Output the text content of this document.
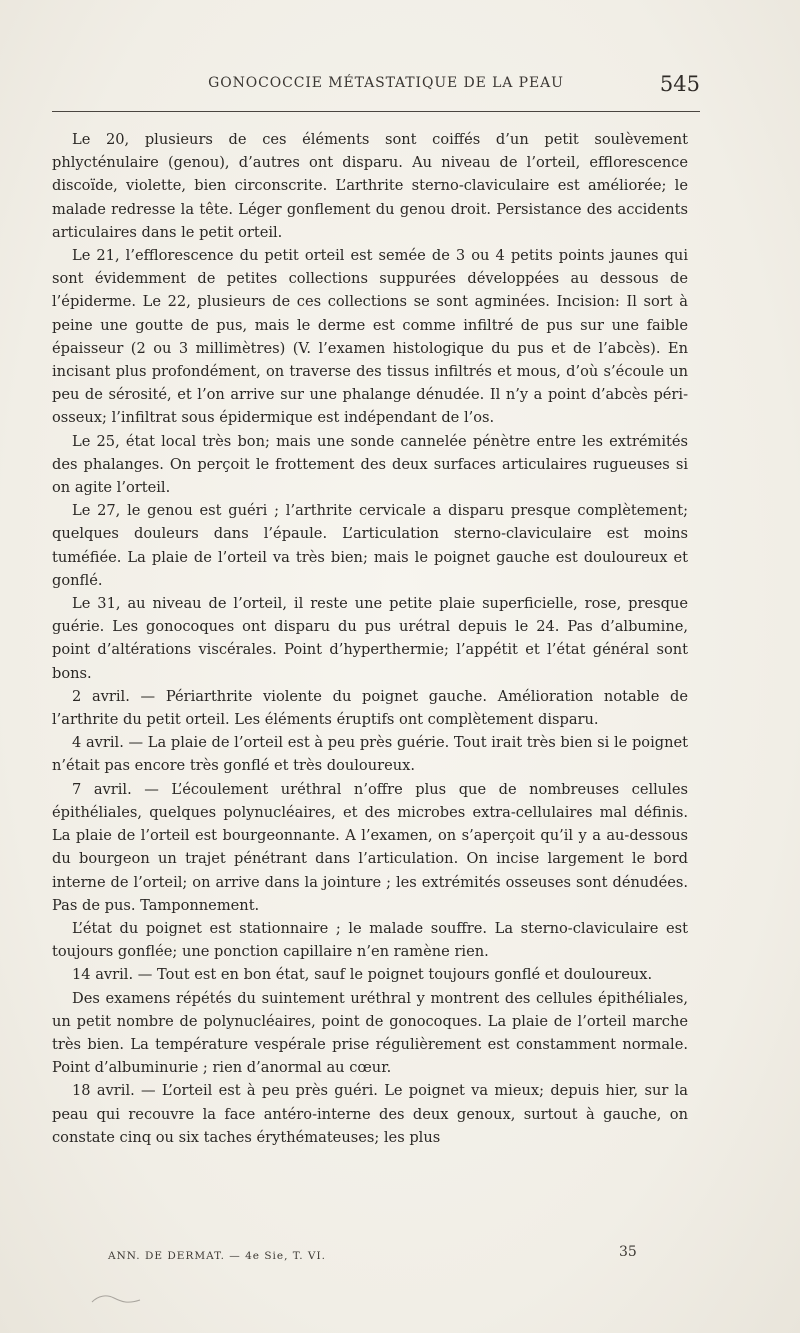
GONOCOCCIE MÉTASTATIQUE DE LA PEAU	545

Le 20, plusieurs de ces éléments sont coiffés d’un petit soulèvement phlycténulaire (genou), d’autres ont disparu. Au niveau de l’orteil, efflorescence discoïde, violette, bien circonscrite. L’arthrite sterno-claviculaire est améliorée; le malade redresse la tête. Léger gonflement du genou droit. Persistance des accidents articulaires dans le petit orteil.

Le 21, l’efflorescence du petit orteil est semée de 3 ou 4 petits points jaunes qui sont évidemment de petites collections suppurées développées au dessous de l’épiderme. Le 22, plusieurs de ces collections se sont agminées. Incision: Il sort à peine une goutte de pus, mais le derme est comme infiltré de pus sur une faible épaisseur (2 ou 3 millimètres) (V. l’examen histologique du pus et de l’abcès). En incisant plus profondément, on traverse des tissus infiltrés et mous, d’où s’écoule un peu de sérosité, et l’on arrive sur une phalange dénudée. Il n’y a point d’abcès péri-osseux; l’infiltrat sous épidermique est indépendant de l’os.

Le 25, état local très bon; mais une sonde cannelée pénètre entre les extrémités des phalanges. On perçoit le frottement des deux surfaces articulaires rugueuses si on agite l’orteil.

Le 27, le genou est guéri ; l’arthrite cervicale a disparu presque complètement; quelques douleurs dans l’épaule. L’articulation sterno-claviculaire est moins tuméfiée. La plaie de l’orteil va très bien; mais le poignet gauche est douloureux et gonflé.

Le 31, au niveau de l’orteil, il reste une petite plaie superficielle, rose, presque guérie. Les gonocoques ont disparu du pus urétral depuis le 24. Pas d’albumine, point d’altérations viscérales. Point d’hyperthermie; l’appétit et l’état général sont bons.

2 avril. — Périarthrite violente du poignet gauche. Amélioration notable de l’arthrite du petit orteil. Les éléments éruptifs ont complètement disparu.

4 avril. — La plaie de l’orteil est à peu près guérie. Tout irait très bien si le poignet n’était pas encore très gonflé et très douloureux.

7 avril. — L’écoulement uréthral n’offre plus que de nombreuses cellules épithéliales, quelques polynucléaires, et des microbes extra-cellulaires mal définis. La plaie de l’orteil est bourgeonnante. A l’examen, on s’aperçoit qu’il y a au-dessous du bourgeon un trajet pénétrant dans l’articulation. On incise largement le bord interne de l’orteil; on arrive dans la jointure ; les extrémités osseuses sont dénudées. Pas de pus. Tamponnement.

L’état du poignet est stationnaire ; le malade souffre. La sterno-claviculaire est toujours gonflée; une ponction capillaire n’en ramène rien.

14 avril. — Tout est en bon état, sauf le poignet toujours gonflé et douloureux.

Des examens répétés du suintement uréthral y montrent des cellules épithéliales, un petit nombre de polynucléaires, point de gonocoques. La plaie de l’orteil marche très bien. La température vespérale prise régulièrement est constamment normale. Point d’albuminurie ; rien d’anormal au cœur.

18 avril. — L’orteil est à peu près guéri. Le poignet va mieux; depuis hier, sur la peau qui recouvre la face antéro-interne des deux genoux, surtout à gauche, on constate cinq ou six taches érythémateuses; les plus

ANN. DE DERMAT. — 4e Sie, T. VI.	35
